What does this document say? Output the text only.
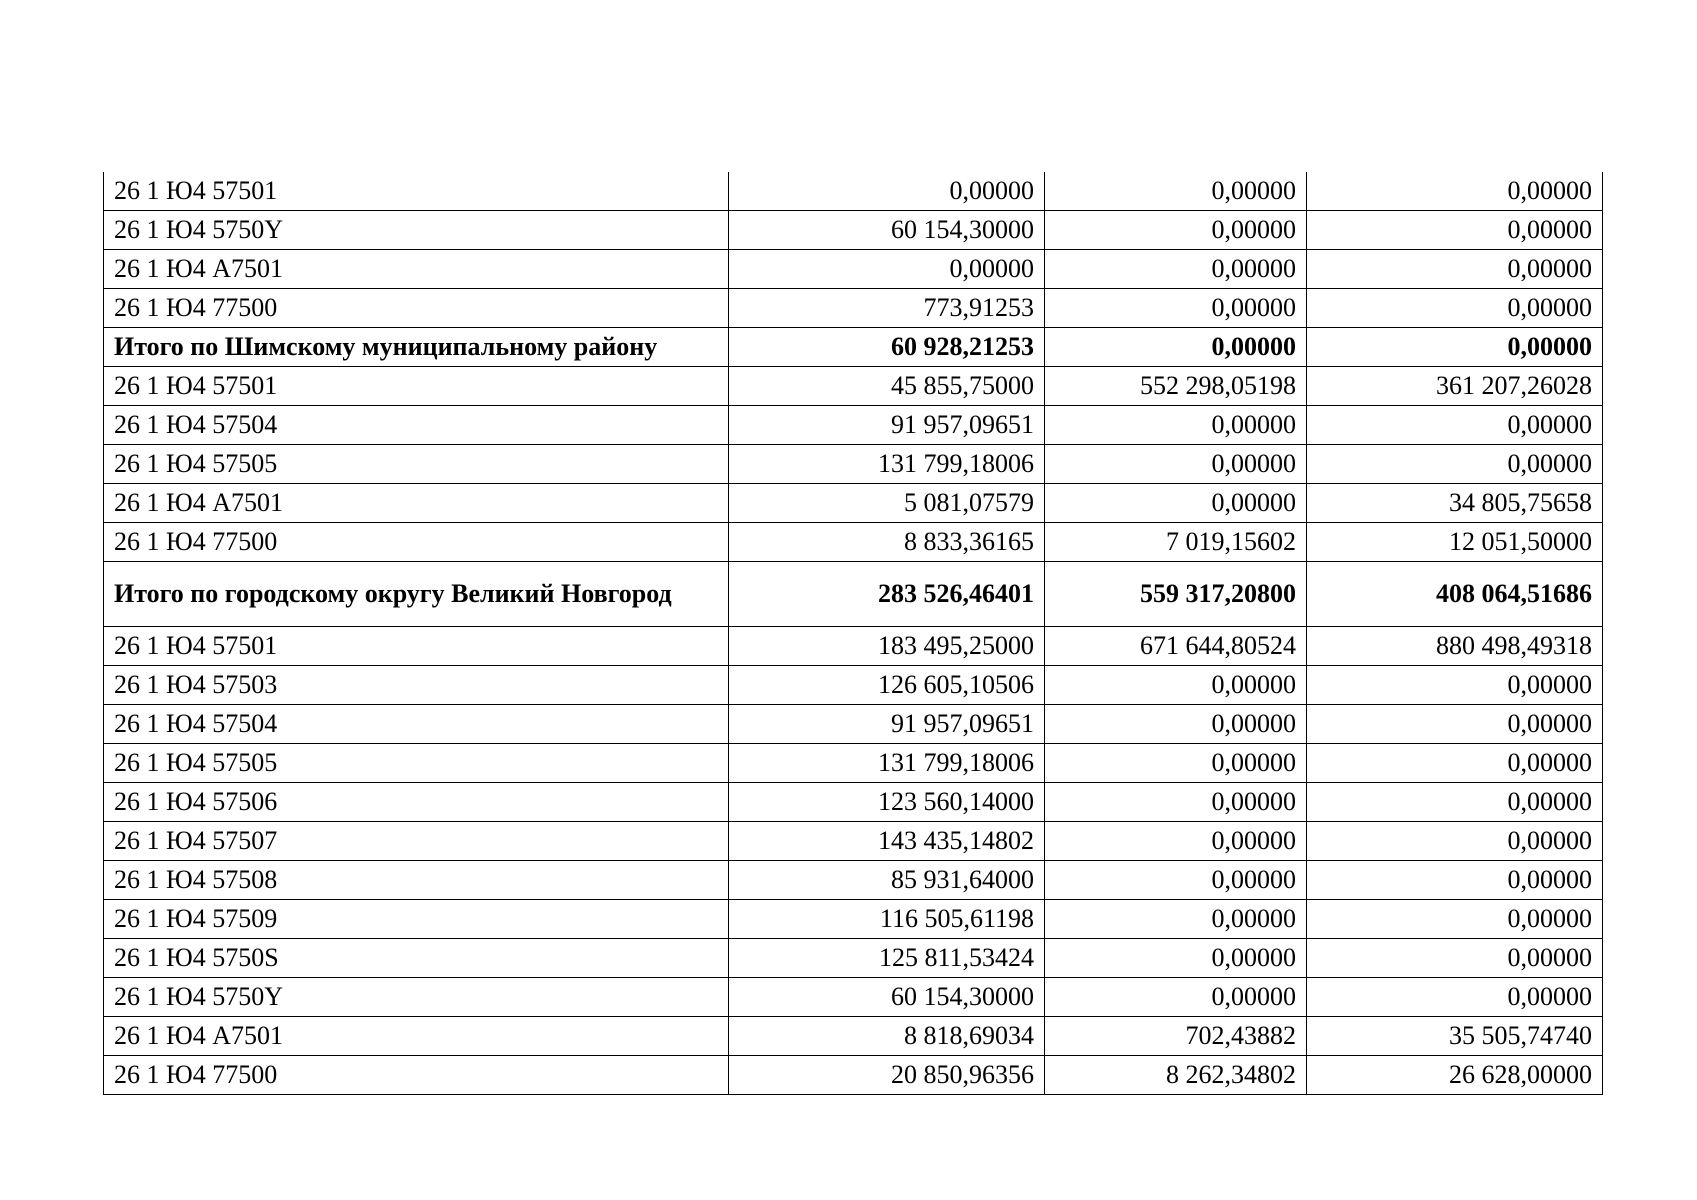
26 1 Ю4 57501	0,00000	0,00000	0,00000
26 1 Ю4 5750Y	60 154,30000	0,00000	0,00000
26 1 Ю4 A7501	0,00000	0,00000	0,00000
26 1 Ю4 77500	773,91253	0,00000	0,00000
Итого по Шимскому муниципальному району	60 928,21253	0,00000	0,00000
26 1 Ю4 57501	45 855,75000	552 298,05198	361 207,26028
26 1 Ю4 57504	91 957,09651	0,00000	0,00000
26 1 Ю4 57505	131 799,18006	0,00000	0,00000
26 1 Ю4 A7501	5 081,07579	0,00000	34 805,75658
26 1 Ю4 77500	8 833,36165	7 019,15602	12 051,50000
Итого по городскому округу Великий Новгород	283 526,46401	559 317,20800	408 064,51686
26 1 Ю4 57501	183 495,25000	671 644,80524	880 498,49318
26 1 Ю4 57503	126 605,10506	0,00000	0,00000
26 1 Ю4 57504	91 957,09651	0,00000	0,00000
26 1 Ю4 57505	131 799,18006	0,00000	0,00000
26 1 Ю4 57506	123 560,14000	0,00000	0,00000
26 1 Ю4 57507	143 435,14802	0,00000	0,00000
26 1 Ю4 57508	85 931,64000	0,00000	0,00000
26 1 Ю4 57509	116 505,61198	0,00000	0,00000
26 1 Ю4 5750S	125 811,53424	0,00000	0,00000
26 1 Ю4 5750Y	60 154,30000	0,00000	0,00000
26 1 Ю4 A7501	8 818,69034	702,43882	35 505,74740
26 1 Ю4 77500	20 850,96356	8 262,34802	26 628,00000
